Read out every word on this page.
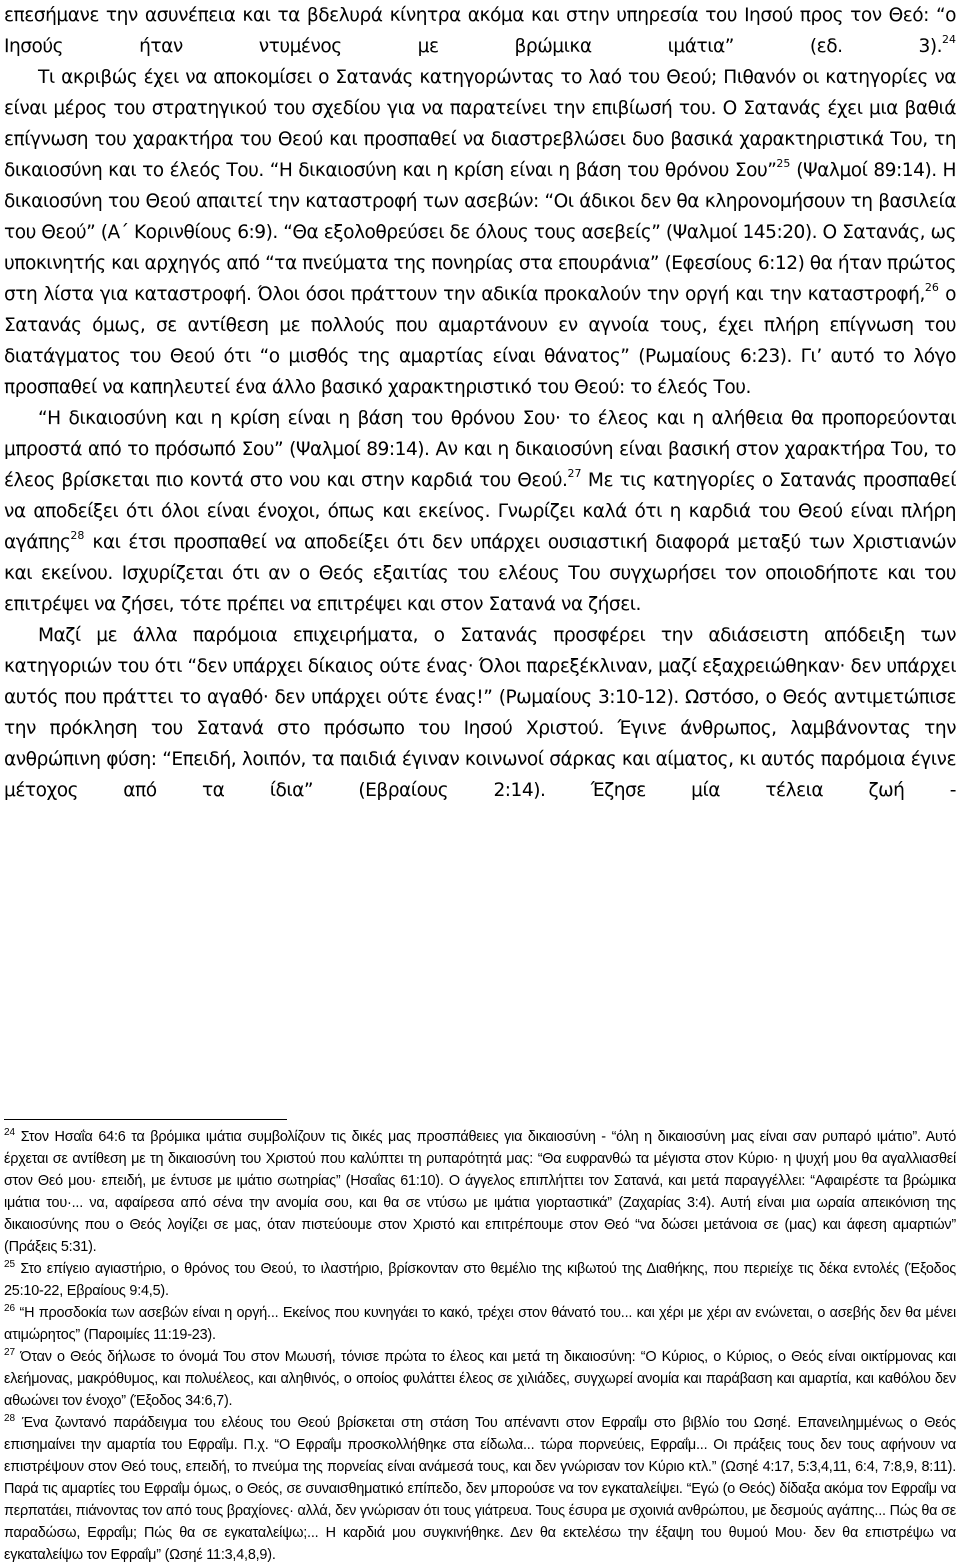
επεσήμανε την ασυνέπεια και τα βδελυρά κίνητρα ακόμα και στην υπηρεσία του Ιησού προς τον Θεό: “ο Ιησούς ήταν ντυμένος με βρώμικα ιμάτια” (εδ. 3).$^{24}$

Τι ακριβώς έχει να αποκομίσει ο Σατανάς κατηγορώντας το λαό του Θεού; Πιθανόν οι κατηγορίες να είναι μέρος του στρατηγικού του σχεδίου για να παρατείνει την επιβίωσή του. Ο Σατανάς έχει μια βαθιά επίγνωση του χαρακτήρα του Θεού και προσπαθεί να διαστρεβλώσει δυο βασικά χαρακτηριστικά Του, τη δικαιοσύνη και το έλεός Του. “Η δικαιοσύνη και η κρίση είναι η βάση του θρόνου Σου”$^{25}$ (Ψαλμοί 89:14). Η δικαιοσύνη του Θεού απαιτεί την καταστροφή των ασεβών: “Οι άδικοι δεν θα κληρονομήσουν τη βασιλεία του Θεού” (Α΄ Κορινθίους 6:9). “Θα εξολοθρεύσει δε όλους τους ασεβείς” (Ψαλμοί 145:20). Ο Σατανάς, ως υποκινητής και αρχηγός από “τα πνεύματα της πονηρίας στα επουράνια” (Εφεσίους 6:12) θα ήταν πρώτος στη λίστα για καταστροφή. Όλοι όσοι πράττουν την αδικία προκαλούν την οργή και την καταστροφή,$^{26}$ ο Σατανάς όμως, σε αντίθεση με πολλούς που αμαρτάνουν εν αγνοία τους, έχει πλήρη επίγνωση του διατάγματος του Θεού ότι “ο μισθός της αμαρτίας είναι θάνατος” (Ρωμαίους 6:23). Γι’ αυτό το λόγο προσπαθεί να καπηλευτεί ένα άλλο βασικό χαρακτηριστικό του Θεού: το έλεός Του.

“Η δικαιοσύνη και η κρίση είναι η βάση του θρόνου Σου· το έλεος και η αλήθεια θα προπορεύονται μπροστά από το πρόσωπό Σου” (Ψαλμοί 89:14). Αν και η δικαιοσύνη είναι βασική στον χαρακτήρα Του, το έλεος βρίσκεται πιο κοντά στο νου και στην καρδιά του Θεού.$^{27}$ Με τις κατηγορίες ο Σατανάς προσπαθεί να αποδείξει ότι όλοι είναι ένοχοι, όπως και εκείνος. Γνωρίζει καλά ότι η καρδιά του Θεού είναι πλήρη αγάπης$^{28}$ και έτσι προσπαθεί να αποδείξει ότι δεν υπάρχει ουσιαστική διαφορά μεταξύ των Χριστιανών και εκείνου. Ισχυρίζεται ότι αν ο Θεός εξαιτίας του ελέους Του συγχωρήσει τον οποιοδήποτε και του επιτρέψει να ζήσει, τότε πρέπει να επιτρέψει και στον Σατανά να ζήσει.

Μαζί με άλλα παρόμοια επιχειρήματα, ο Σατανάς προσφέρει την αδιάσειστη απόδειξη των κατηγοριών του ότι “δεν υπάρχει δίκαιος ούτε ένας· Όλοι παρεξέκλιναν, μαζί εξαχρειώθηκαν· δεν υπάρχει αυτός που πράττει το αγαθό· δεν υπάρχει ούτε ένας!” (Ρωμαίους 3:10-12). Ωστόσο, ο Θεός αντιμετώπισε την πρόκληση του Σατανά στο πρόσωπο του Ιησού Χριστού. Έγινε άνθρωπος, λαμβάνοντας την ανθρώπινη φύση: “Επειδή, λοιπόν, τα παιδιά έγιναν κοινωνοί σάρκας και αίματος, κι αυτός παρόμοια έγινε μέτοχος από τα ίδια” (Εβραίους 2:14). Έζησε μία τέλεια ζωή -

$^{24}$ Στον Ησαΐα 64:6 τα βρόμικα ιμάτια συμβολίζουν τις δικές μας προσπάθειες για δικαιοσύνη - “όλη η δικαιοσύνη μας είναι σαν ρυπαρό ιμάτιο”. Αυτό έρχεται σε αντίθεση με τη δικαιοσύνη του Χριστού που καλύπτει τη ρυπαρότητά μας: “Θα ευφρανθώ τα μέγιστα στον Κύριο· η ψυχή μου θα αγαλλιασθεί στον Θεό μου· επειδή, με έντυσε με ιμάτιο σωτηρίας” (Ησαΐας 61:10). Ο άγγελος επιπλήττει τον Σατανά, και μετά παραγγέλλει: “Αφαιρέστε τα βρώμικα ιμάτια του·... να, αφαίρεσα από σένα την ανομία σου, και θα σε ντύσω με ιμάτια γιορταστικά” (Ζαχαρίας 3:4). Αυτή είναι μια ωραία απεικόνιση της δικαιοσύνης που ο Θεός λογίζει σε μας, όταν πιστεύουμε στον Χριστό και επιτρέπουμε στον Θεό “να δώσει μετάνοια σε (μας) και άφεση αμαρτιών” (Πράξεις 5:31).

$^{25}$ Στο επίγειο αγιαστήριο, ο θρόνος του Θεού, το ιλαστήριο, βρίσκονταν στο θεμέλιο της κιβωτού της Διαθήκης, που περιείχε τις δέκα εντολές (Έξοδος 25:10-22, Εβραίους 9:4,5).

$^{26}$ “Η προσδοκία των ασεβών είναι η οργή... Εκείνος που κυνηγάει το κακό, τρέχει στον θάνατό του... και χέρι με χέρι αν ενώνεται, ο ασεβής δεν θα μένει ατιμώρητος” (Παροιμίες 11:19-23).

$^{27}$ Όταν ο Θεός δήλωσε το όνομά Του στον Μωυσή, τόνισε πρώτα το έλεος και μετά τη δικαιοσύνη: “Ο Κύριος, ο Κύριος, ο Θεός είναι οικτίρμονας και ελεήμονας, μακρόθυμος, και πολυέλεος, και αληθινός, ο οποίος φυλάττει έλεος σε χιλιάδες, συγχωρεί ανομία και παράβαση και αμαρτία, και καθόλου δεν αθωώνει τον ένοχο” (Έξοδος 34:6,7).

$^{28}$ Ένα ζωντανό παράδειγμα του ελέους του Θεού βρίσκεται στη στάση Του απέναντι στον Εφραΐμ στο βιβλίο του Ωσηέ. Επανειλημμένως ο Θεός επισημαίνει την αμαρτία του Εφραΐμ. Π.χ. “Ο Εφραΐμ προσκολλήθηκε στα είδωλα... τώρα πορνεύεις, Εφραΐμ... Οι πράξεις τους δεν τους αφήνουν να επιστρέψουν στον Θεό τους, επειδή, το πνεύμα της πορνείας είναι ανάμεσά τους, και δεν γνώρισαν τον Κύριο κτλ.” (Ωσηέ 4:17, 5:3,4,11, 6:4, 7:8,9, 8:11). Παρά τις αμαρτίες του Εφραΐμ όμως, ο Θεός, σε συναισθηματικό επίπεδο, δεν μπορούσε να τον εγκαταλείψει. “Εγώ (ο Θεός) δίδαξα ακόμα τον Εφραΐμ να περπατάει, πιάνοντας τον από τους βραχίονες· αλλά, δεν γνώρισαν ότι τους γιάτρευα. Τους έσυρα με σχοινιά ανθρώπου, με δεσμούς αγάπης... Πώς θα σε παραδώσω, Εφραΐμ; Πώς θα σε εγκαταλείψω;... Η καρδιά μου συγκινήθηκε. Δεν θα εκτελέσω την έξαψη του θυμού Μου· δεν θα επιστρέψω να εγκαταλείψω τον Εφραΐμ” (Ωσηέ 11:3,4,8,9).
